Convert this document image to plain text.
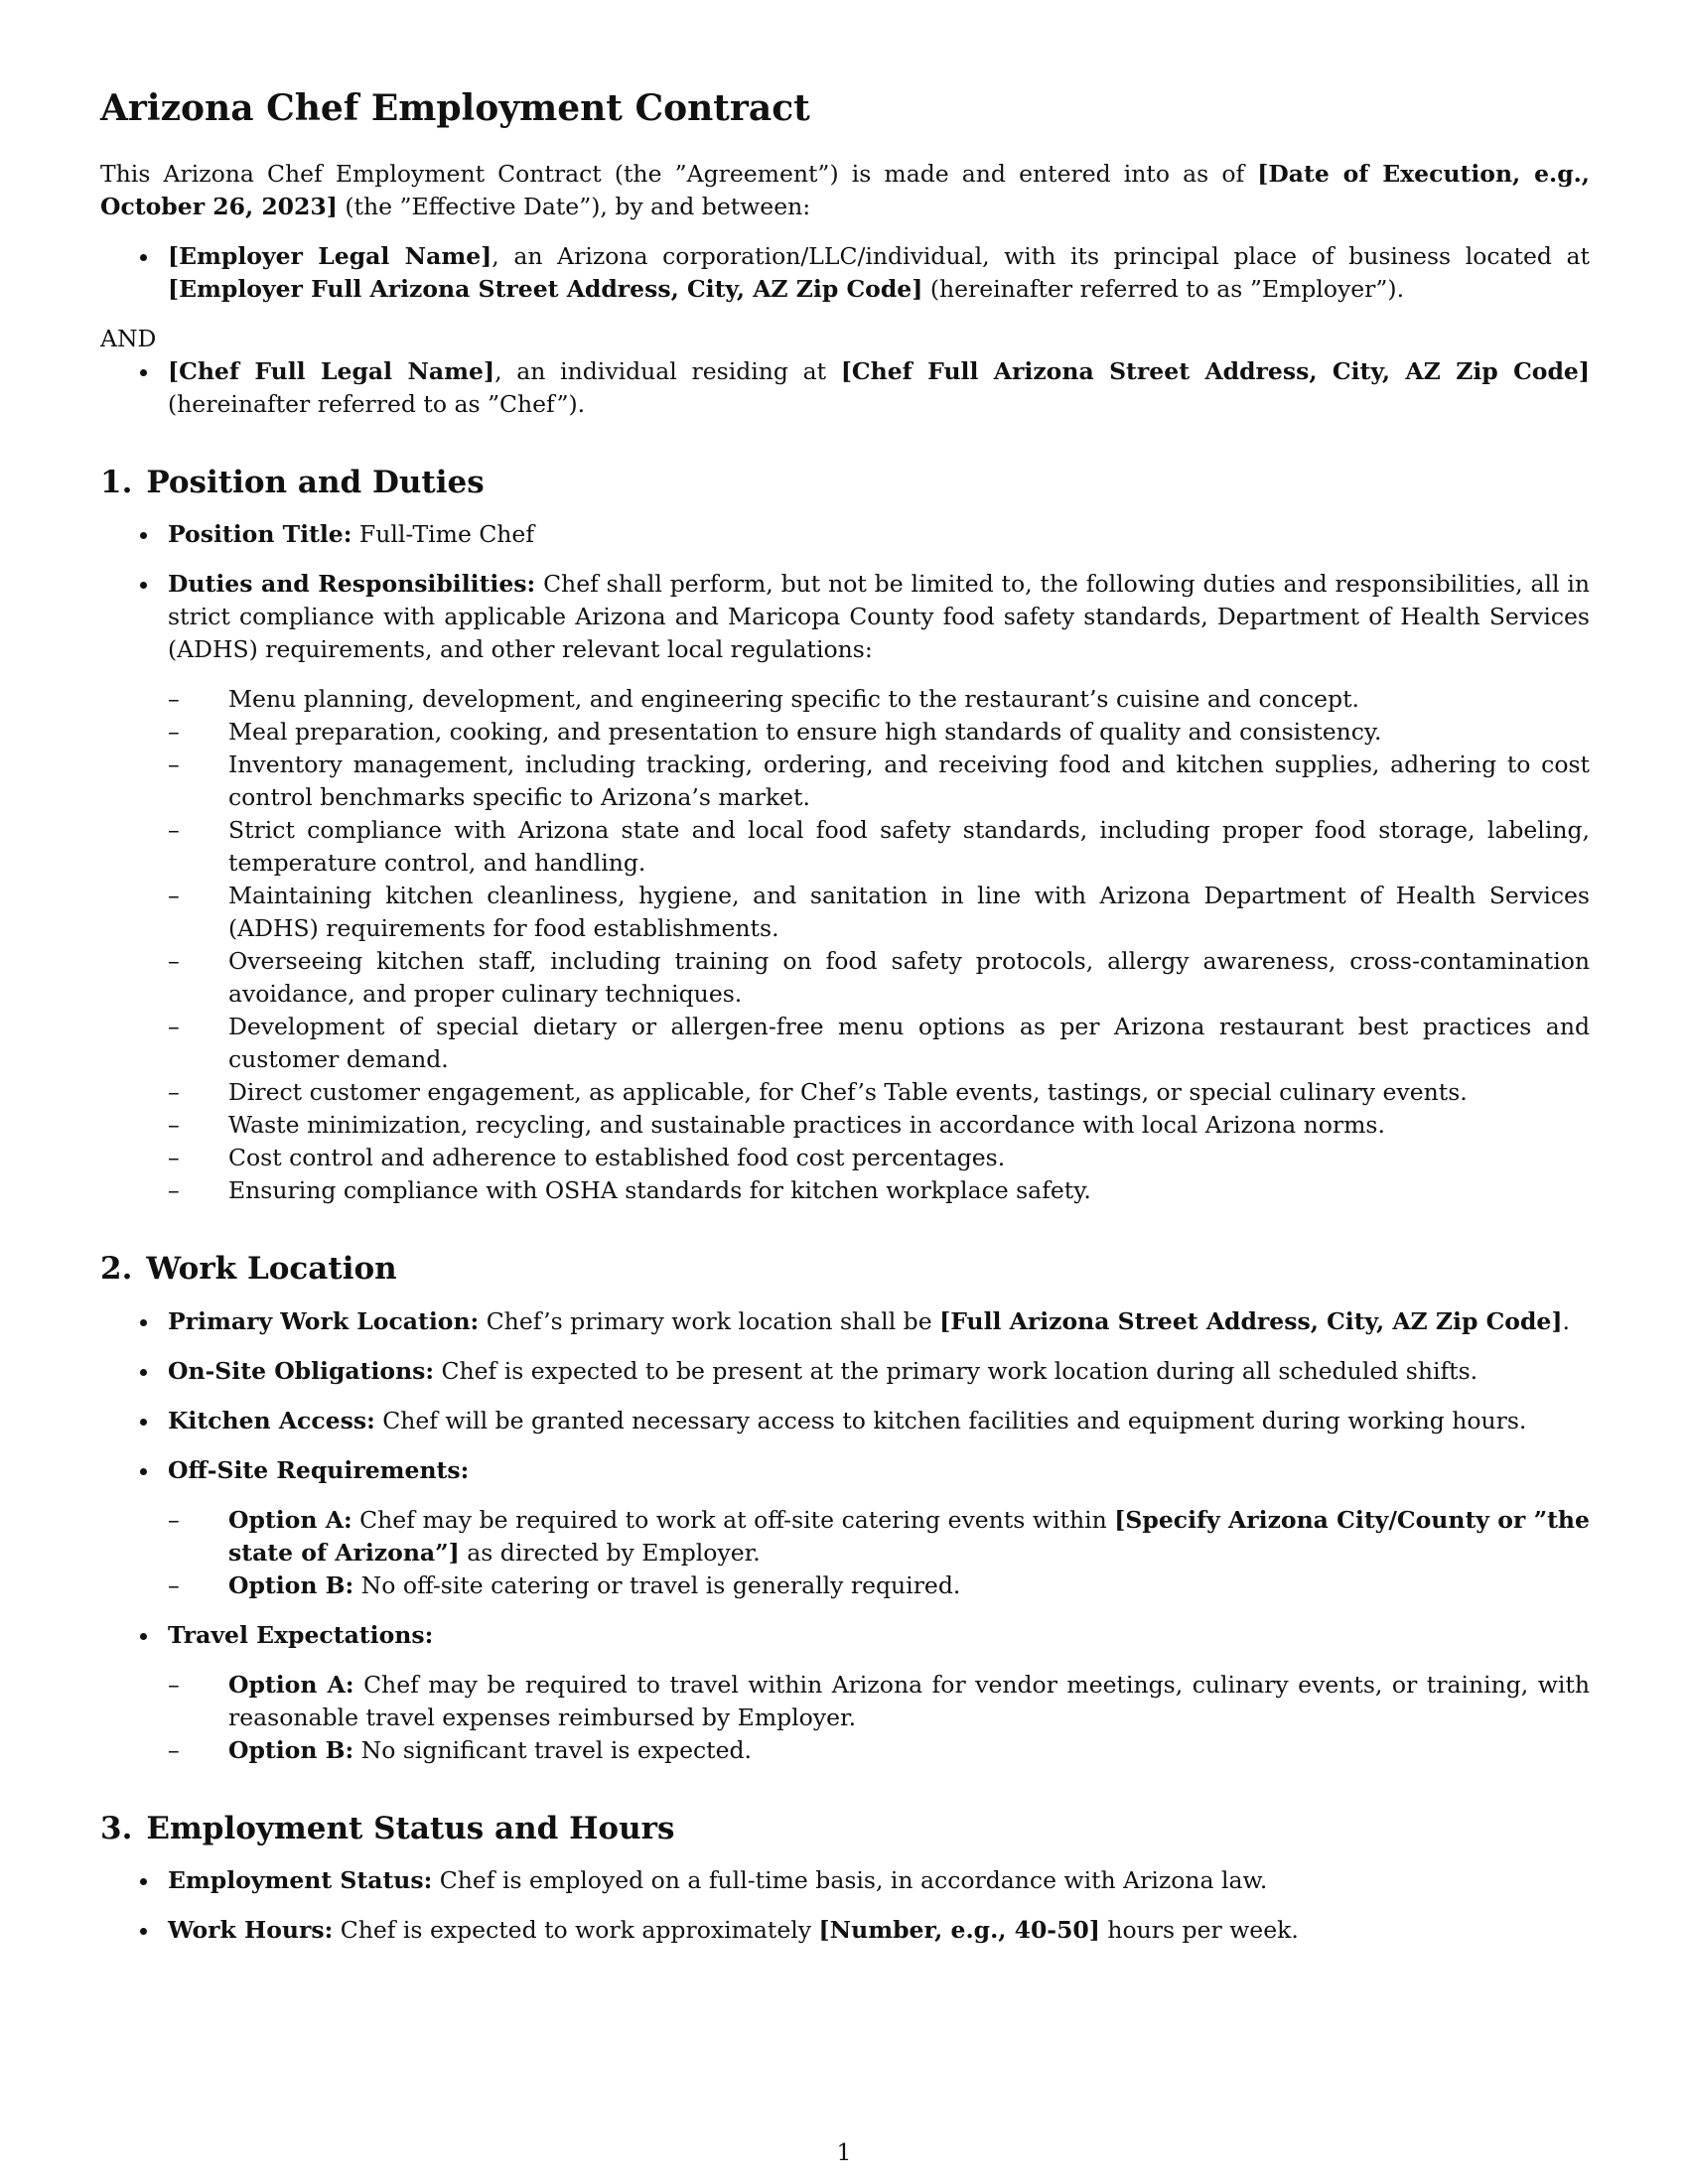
Arizona Chef Employment Contract

This Arizona Chef Employment Contract (the ”Agreement”) is made and entered into as of [Date of Execution, e.g., October 26, 2023] (the ”Effective Date”), by and between:

[Employer Legal Name], an Arizona corporation/LLC/individual, with its principal place of business located at [Employer Full Arizona Street Address, City, AZ Zip Code] (hereinafter referred to as ”Employer”).

AND

[Chef Full Legal Name], an individual residing at [Chef Full Arizona Street Address, City, AZ Zip Code] (hereinafter referred to as ”Chef”).
1. Position and Duties
Position Title: Full-Time Chef
Duties and Responsibilities: Chef shall perform, but not be limited to, the following duties and responsibilities, all in strict compliance with applicable Arizona and Maricopa County food safety standards, Department of Health Services (ADHS) requirements, and other relevant local regulations:
– Menu planning, development, and engineering specific to the restaurant’s cuisine and concept.
– Meal preparation, cooking, and presentation to ensure high standards of quality and consistency.
– Inventory management, including tracking, ordering, and receiving food and kitchen supplies, adhering to cost control benchmarks specific to Arizona’s market.
– Strict compliance with Arizona state and local food safety standards, including proper food storage, labeling, temperature control, and handling.
– Maintaining kitchen cleanliness, hygiene, and sanitation in line with Arizona Department of Health Services (ADHS) requirements for food establishments.
– Overseeing kitchen staff, including training on food safety protocols, allergy awareness, cross-contamination avoidance, and proper culinary techniques.
– Development of special dietary or allergen-free menu options as per Arizona restaurant best practices and customer demand.
– Direct customer engagement, as applicable, for Chef’s Table events, tastings, or special culinary events.
– Waste minimization, recycling, and sustainable practices in accordance with local Arizona norms.
– Cost control and adherence to established food cost percentages.
– Ensuring compliance with OSHA standards for kitchen workplace safety.
2. Work Location
Primary Work Location: Chef’s primary work location shall be [Full Arizona Street Address, City, AZ Zip Code].
On-Site Obligations: Chef is expected to be present at the primary work location during all scheduled shifts.
Kitchen Access: Chef will be granted necessary access to kitchen facilities and equipment during working hours.
Off-Site Requirements:
– Option A: Chef may be required to work at off-site catering events within [Specify Arizona City/County or ”the state of Arizona”] as directed by Employer.
– Option B: No off-site catering or travel is generally required.
Travel Expectations:
– Option A: Chef may be required to travel within Arizona for vendor meetings, culinary events, or training, with reasonable travel expenses reimbursed by Employer.
– Option B: No significant travel is expected.
3. Employment Status and Hours
Employment Status: Chef is employed on a full-time basis, in accordance with Arizona law.
Work Hours: Chef is expected to work approximately [Number, e.g., 40-50] hours per week.
1
